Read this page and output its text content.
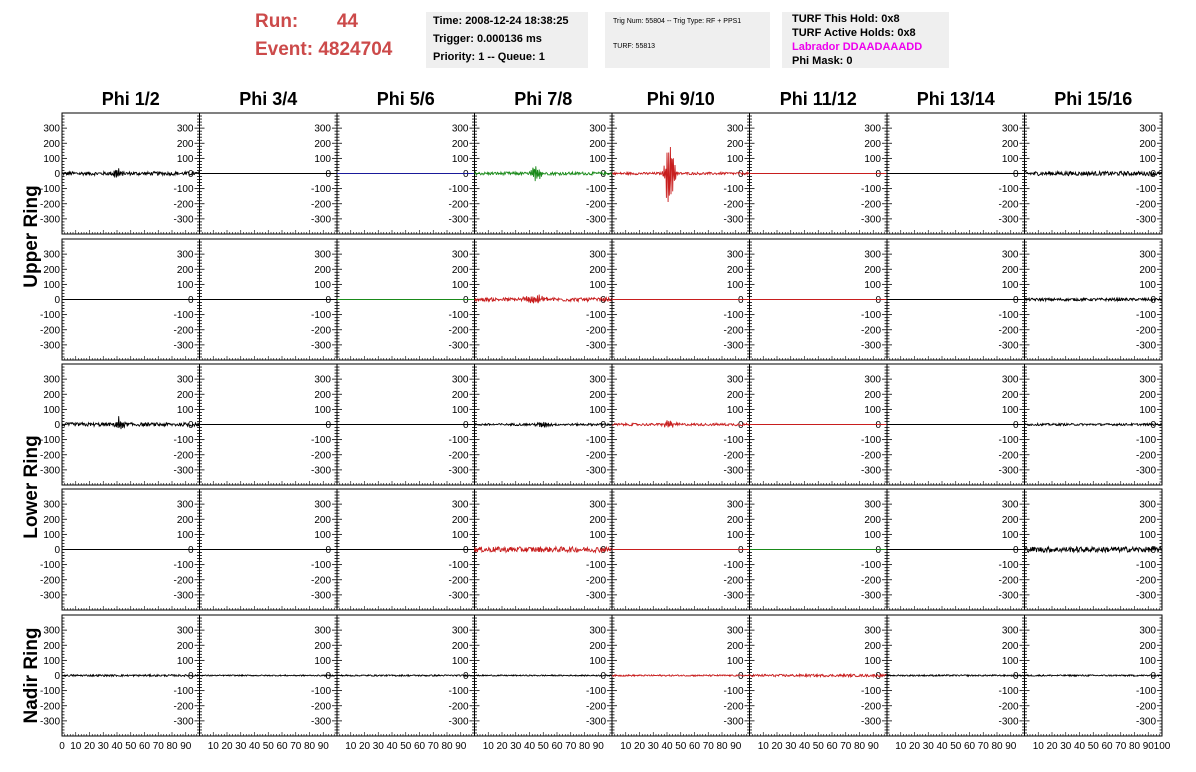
Run: 44
Event: 4824704
Time: 2008-12-24 18:38:25
Trigger: 0.000136 ms
Priority: 1 -- Queue: 1
Trig Num: 55804 -- Trig Type: RF + PPS1
TURF: 55813
TURF This Hold: 0x8
TURF Active Holds: 0x8
Labrador DDAADAAADD
Phi Mask: 0
Phi 1/2	Phi 3/4	Phi 5/6	Phi 7/8	Phi 9/10	Phi 11/12	Phi 13/14	Phi 15/16
Upper Ring
Lower Ring
Nadir Ring
-300	-300
-200	-200
-100	-100
0	0
100	100
200	200
300	300
-300
-200
-100
0
100
200
300
-300
-200
-100
0
100
200
300
-300
-200
-100
0
100
200
300
-300
-200
-100
0
100
200
300
-300
-200
-100
0
100
200
300
-300
-200
-100
0
100
200
300
-300
-200
-100
0
100
200
300
-300	-300
-200	-200
-100	-100
0	0
100	100
200	200
300	300
-300
-200
-100
0
100
200
300
-300
-200
-100
0
100
200
300
-300
-200
-100
0
100
200
300
-300
-200
-100
0
100
200
300
-300
-200
-100
0
100
200
300
-300
-200
-100
0
100
200
300
-300
-200
-100
0
100
200
300
-300	-300
-200	-200
-100	-100
0	0
100	100
200	200
300	300
-300
-200
-100
0
100
200
300
-300
-200
-100
0
100
200
300
-300
-200
-100
0
100
200
300
-300
-200
-100
0
100
200
300
-300
-200
-100
0
100
200
300
-300
-200
-100
0
100
200
300
-300
-200
-100
0
100
200
300
-300	-300
-200	-200
-100	-100
0	0
100	100
200	200
300	300
-300
-200
-100
0
100
200
300
-300
-200
-100
0
100
200
300
-300
-200
-100
0
100
200
300
-300
-200
-100
0
100
200
300
-300
-200
-100
0
100
200
300
-300
-200
-100
0
100
200
300
-300
-200
-100
0
100
200
300
-300	-300
-200	-200
-100	-100
0	0
100	100
200	200
300	300
-300
-200
-100
0
100
200
300
-300
-200
-100
0
100
200
300
-300
-200
-100
0
100
200
300
-300
-200
-100
0
100
200
300
-300
-200
-100
0
100
200
300
-300
-200
-100
0
100
200
300
-300
-200
-100
0
100
200
300
0 10 20 30 40 50 60 70 80 90 10 20 30 40 50 60 70 80 90 10 20 30 40 50 60 70 80 90 10 20 30 40 50 60 70 80 90 10 20 30 40 50 60 70 80 90 10 20 30 40 50 60 70 80 90 10 20 30 40 50 60 70 80 90 10 20 30 40 50 60 70 80 90 100
